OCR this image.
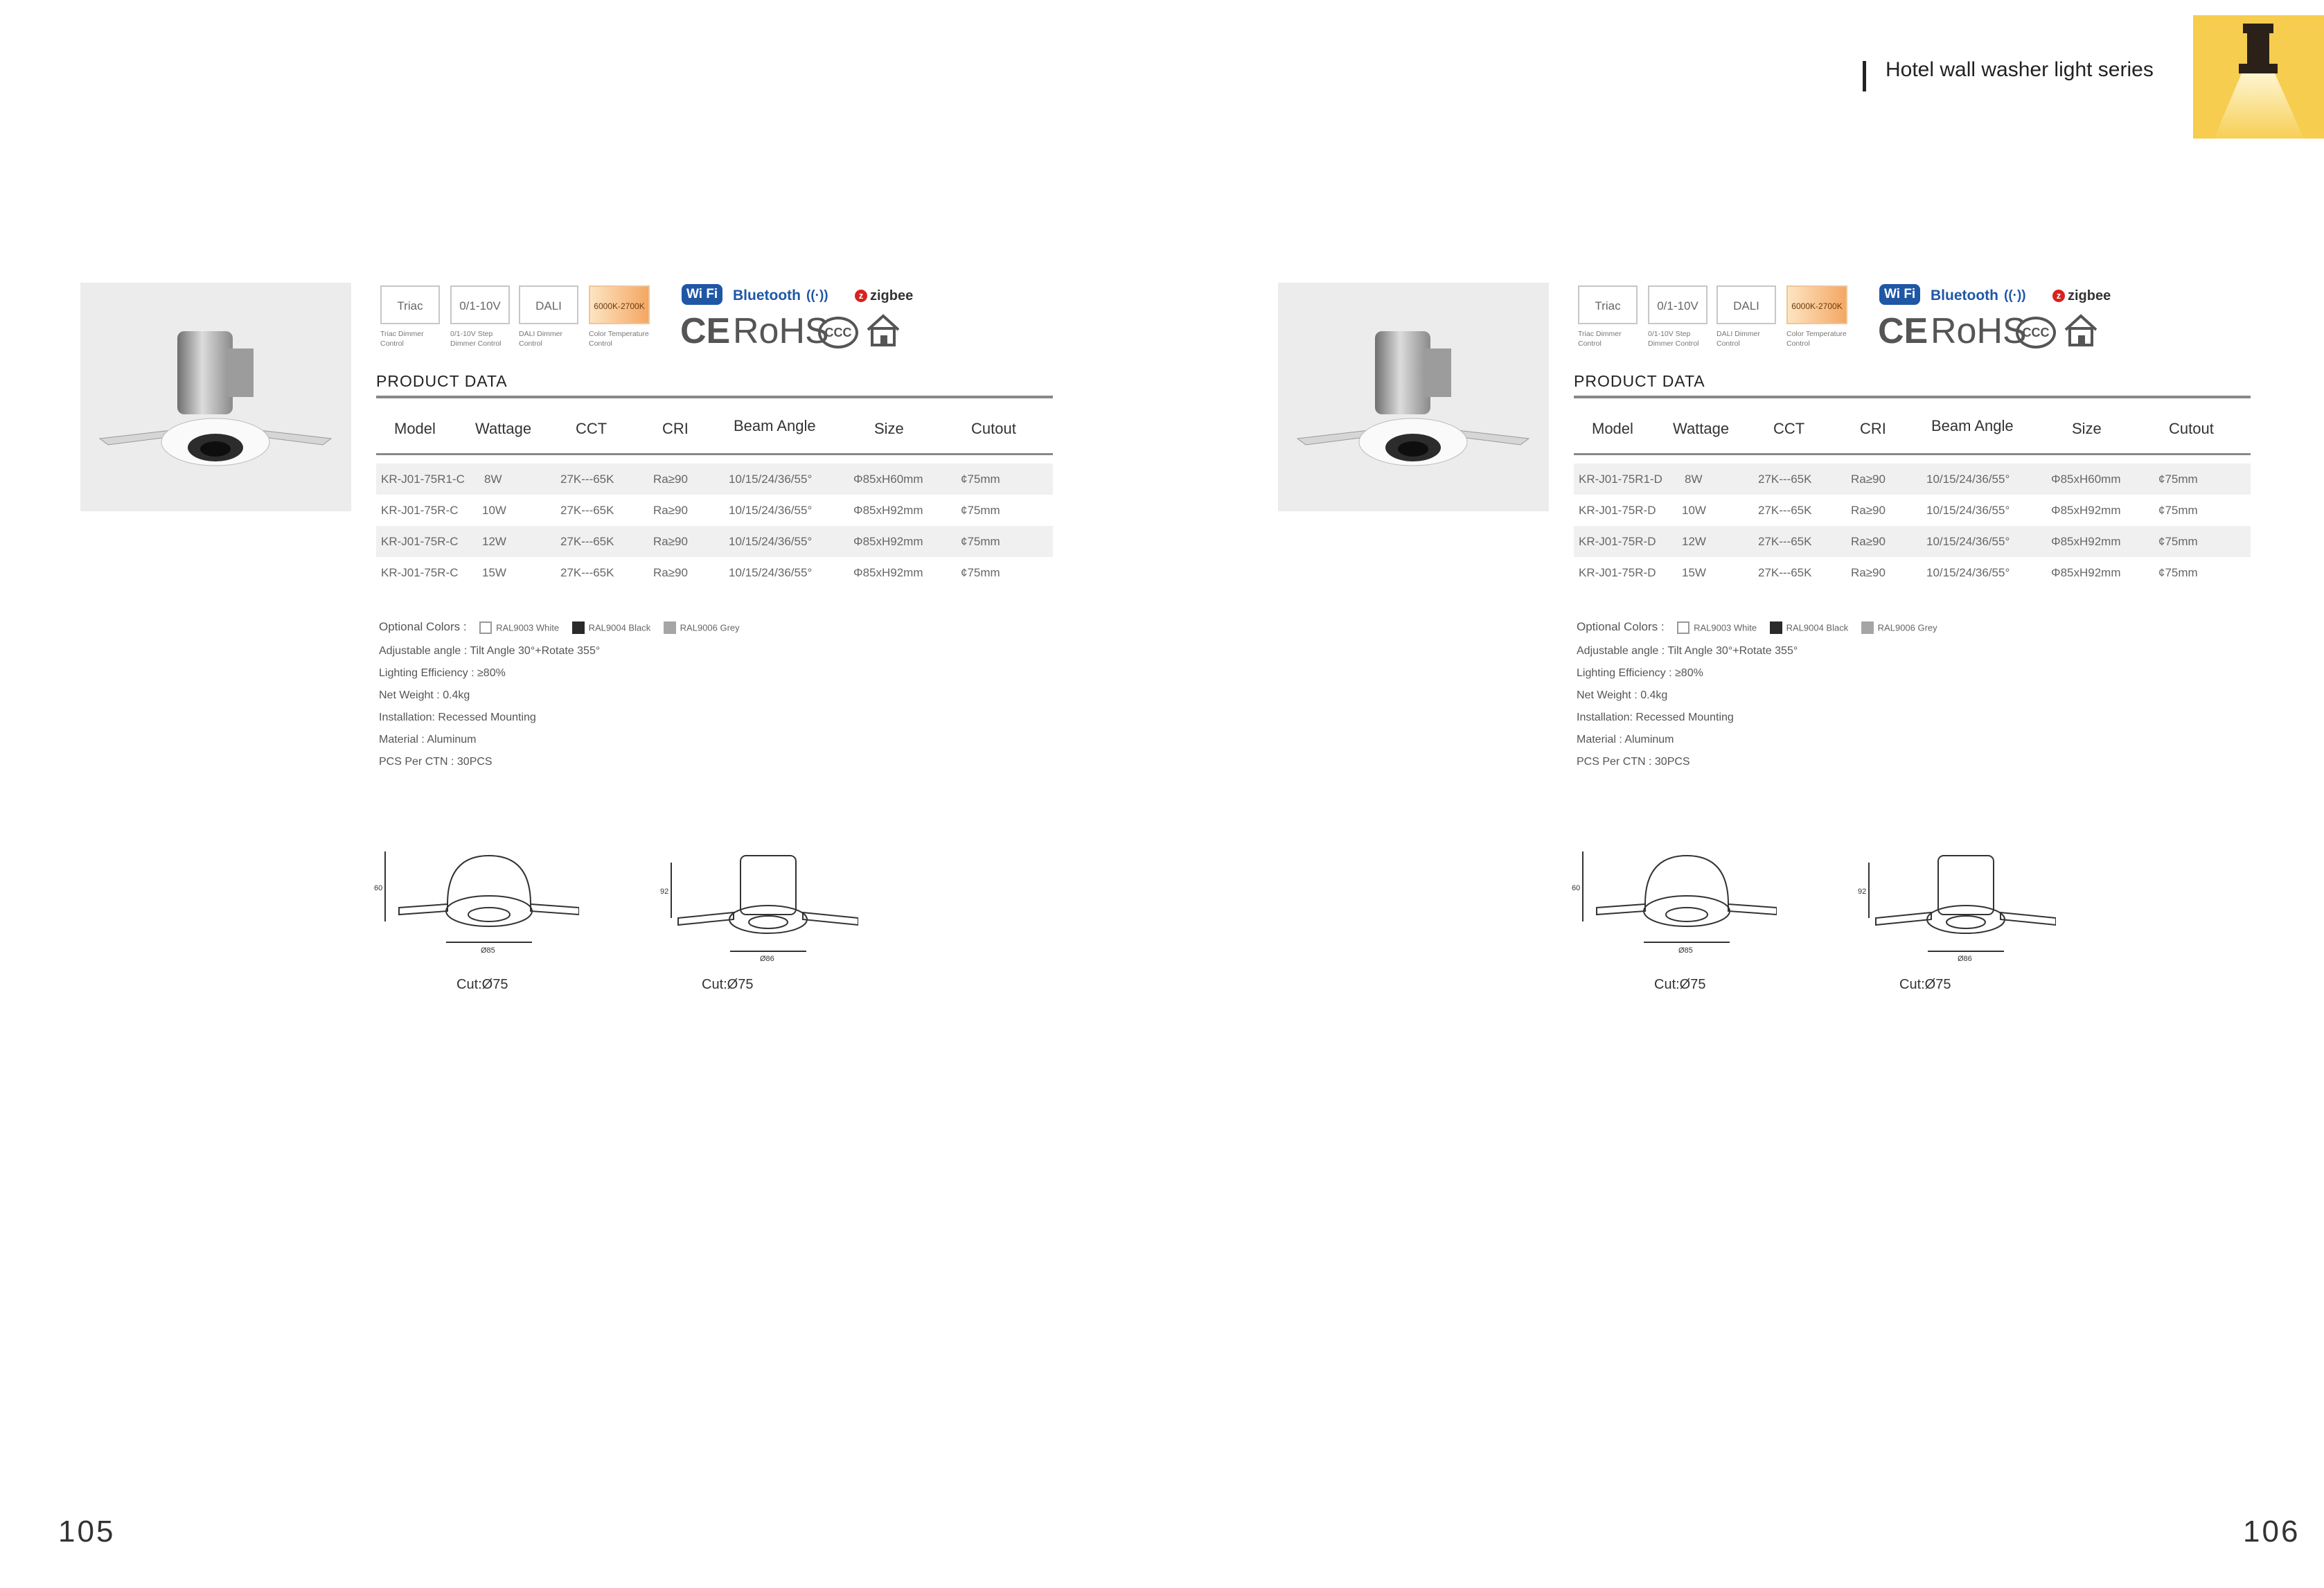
Hotel wall washer light series
Triac
Triac Dimmer Control
0/1-10V
0/1-10V Step Dimmer Control
DALI
DALI Dimmer Control
6000K-2700K
Color Temperature Control
Wi Fi	Bluetooth ((·))	z zigbee
CE RoHS
CCC
PRODUCT DATA
Model	Wattage	CCT	CRI	Beam Angle	Size	Cutout
KR-J01-75R1-C 8W	27K---65K	Ra≥90	10/15/24/36/55°	Φ85xH60mm	¢75mm
KR-J01-75R-C 10W	27K---65K	Ra≥90	10/15/24/36/55°	Φ85xH92mm	¢75mm
KR-J01-75R-C 12W	27K---65K	Ra≥90	10/15/24/36/55°	Φ85xH92mm	¢75mm
KR-J01-75R-C 15W	27K---65K	Ra≥90	10/15/24/36/55°	Φ85xH92mm	¢75mm
Optional Colors :	RAL9003 White	RAL9004 Black	RAL9006 Grey
Adjustable angle : Tilt Angle 30°+Rotate 355°
Lighting Efficiency : ≥80%
Net Weight : 0.4kg
Installation: Recessed Mounting
Material : Aluminum
PCS Per CTN : 30PCS
60
Ø85
92
Ø86
Cut:Ø75	Cut:Ø75
Triac
Triac Dimmer Control
0/1-10V
0/1-10V Step Dimmer Control
DALI
DALI Dimmer Control
6000K-2700K
Color Temperature Control
Wi Fi	Bluetooth ((·))	z zigbee
CE RoHS
CCC
PRODUCT DATA
Model	Wattage	CCT	CRI	Beam Angle	Size	Cutout
KR-J01-75R1-D 8W	27K---65K	Ra≥90	10/15/24/36/55°	Φ85xH60mm	¢75mm
KR-J01-75R-D 10W	27K---65K	Ra≥90	10/15/24/36/55°	Φ85xH92mm	¢75mm
KR-J01-75R-D 12W	27K---65K	Ra≥90	10/15/24/36/55°	Φ85xH92mm	¢75mm
KR-J01-75R-D 15W	27K---65K	Ra≥90	10/15/24/36/55°	Φ85xH92mm	¢75mm
Optional Colors :	RAL9003 White	RAL9004 Black	RAL9006 Grey
Adjustable angle : Tilt Angle 30°+Rotate 355°
Lighting Efficiency : ≥80%
Net Weight : 0.4kg
Installation: Recessed Mounting
Material : Aluminum
PCS Per CTN : 30PCS
60
Ø85
92
Ø86
Cut:Ø75	Cut:Ø75
105	106
